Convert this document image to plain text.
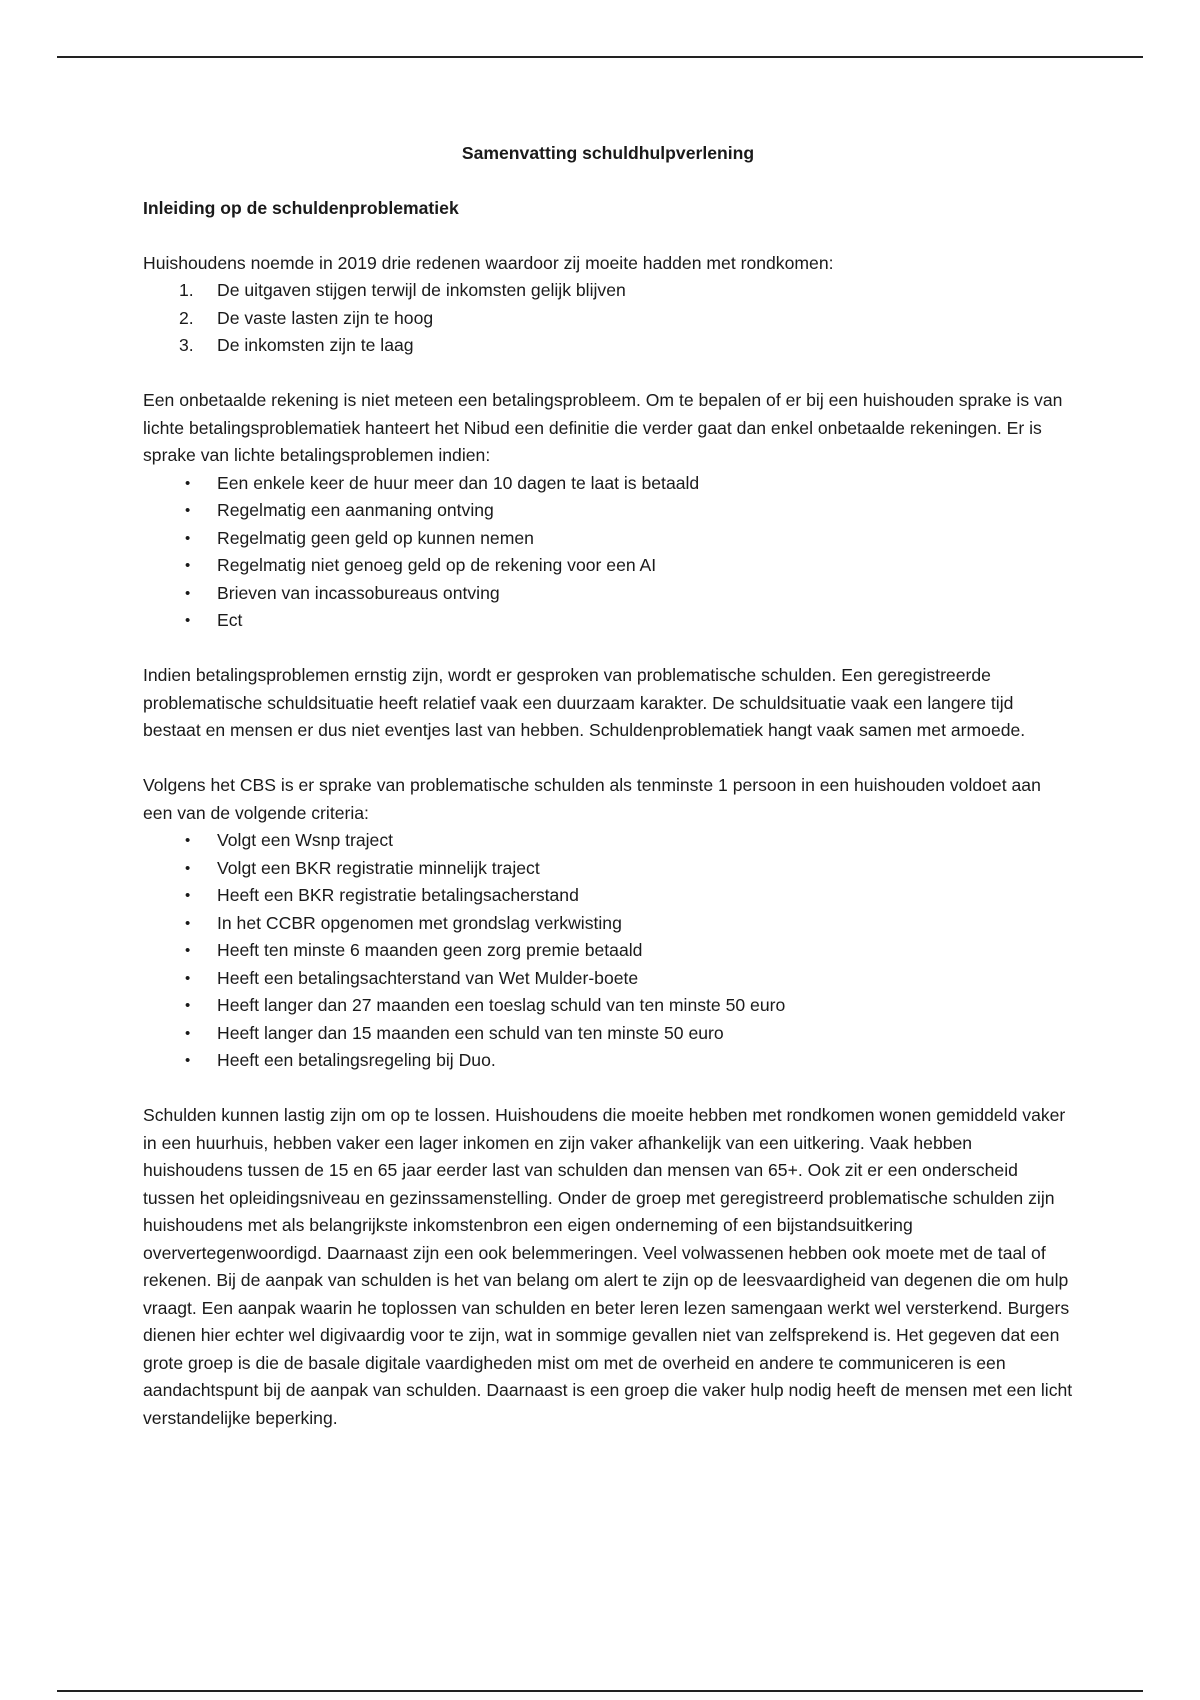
Samenvatting schuldhulpverlening
Inleiding op de schuldenproblematiek

Huishoudens noemde in 2019 drie redenen waardoor zij moeite hadden met rondkomen:

1.	De uitgaven stijgen terwijl de inkomsten gelijk blijven
2.	De vaste lasten zijn te hoog
3.	De inkomsten zijn te laag

Een onbetaalde rekening is niet meteen een betalingsprobleem. Om te bepalen of er bij een huishouden sprake is van lichte betalingsproblematiek hanteert het Nibud een definitie die verder gaat dan enkel onbetaalde rekeningen. Er is sprake van lichte betalingsproblemen indien:

•	Een enkele keer de huur meer dan 10 dagen te laat is betaald
•	Regelmatig een aanmaning ontving
•	Regelmatig geen geld op kunnen nemen
•	Regelmatig niet genoeg geld op de rekening voor een AI
•	Brieven van incassobureaus ontving
•	Ect

Indien betalingsproblemen ernstig zijn, wordt er gesproken van problematische schulden. Een geregistreerde problematische schuldsituatie heeft relatief vaak een duurzaam karakter. De schuldsituatie vaak een langere tijd bestaat en mensen er dus niet eventjes last van hebben. Schuldenproblematiek hangt vaak samen met armoede.

Volgens het CBS is er sprake van problematische schulden als tenminste 1 persoon in een huishouden voldoet aan een van de volgende criteria:

•	Volgt een Wsnp traject
•	Volgt een BKR registratie minnelijk traject
•	Heeft een BKR registratie betalingsacherstand
•	In het CCBR opgenomen met grondslag verkwisting
•	Heeft ten minste 6 maanden geen zorg premie betaald
•	Heeft een betalingsachterstand van Wet Mulder-boete
•	Heeft langer dan 27 maanden een toeslag schuld van ten minste 50 euro
•	Heeft langer dan 15 maanden een schuld van ten minste 50 euro
•	Heeft een betalingsregeling bij Duo.

Schulden kunnen lastig zijn om op te lossen. Huishoudens die moeite hebben met rondkomen wonen gemiddeld vaker in een huurhuis, hebben vaker een lager inkomen en zijn vaker afhankelijk van een uitkering. Vaak hebben huishoudens tussen de 15 en 65 jaar eerder last van schulden dan mensen van 65+. Ook zit er een onderscheid tussen het opleidingsniveau en gezinssamenstelling. Onder de groep met geregistreerd problematische schulden zijn huishoudens met als belangrijkste inkomstenbron een eigen onderneming of een bijstandsuitkering oververtegenwoordigd. Daarnaast zijn een ook belemmeringen. Veel volwassenen hebben ook moete met de taal of rekenen. Bij de aanpak van schulden is het van belang om alert te zijn op de leesvaardigheid van degenen die om hulp vraagt. Een aanpak waarin he toplossen van schulden en beter leren lezen samengaan werkt wel versterkend. Burgers dienen hier echter wel digivaardig voor te zijn, wat in sommige gevallen niet van zelfsprekend is. Het gegeven dat een grote groep is die de basale digitale vaardigheden mist om met de overheid en andere te communiceren is een aandachtspunt bij de aanpak van schulden. Daarnaast is een groep die vaker hulp nodig heeft de mensen met een licht verstandelijke beperking.
